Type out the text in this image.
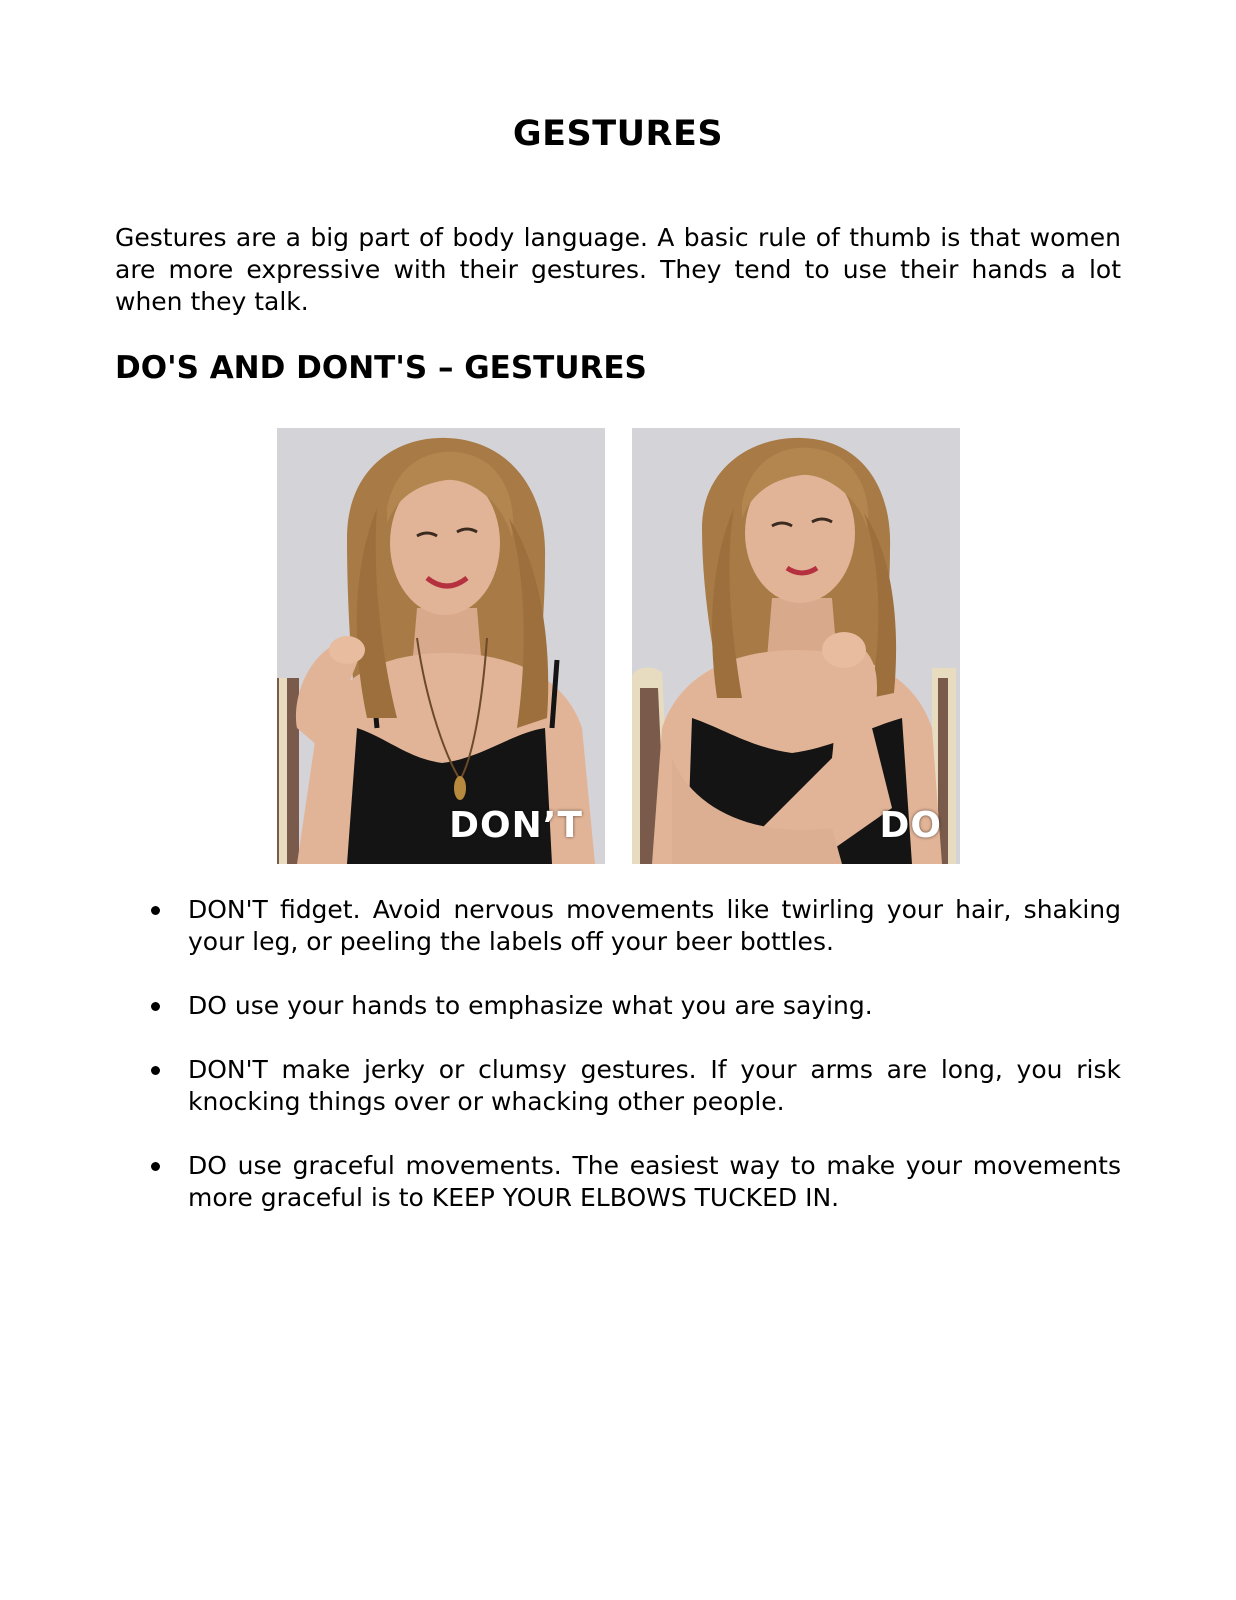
GESTURES

Gestures are a big part of body language. A basic rule of thumb is that women are more expressive with their gestures. They tend to use their hands a lot when they talk.

DO'S AND DONT'S – GESTURES
DON’T	DO
DON'T fidget. Avoid nervous movements like twirling your hair, shaking your leg, or peeling the labels off your beer bottles.
DO use your hands to emphasize what you are saying.
DON'T make jerky or clumsy gestures. If your arms are long, you risk knocking things over or whacking other people.
DO use graceful movements. The easiest way to make your movements more graceful is to KEEP YOUR ELBOWS TUCKED IN.
